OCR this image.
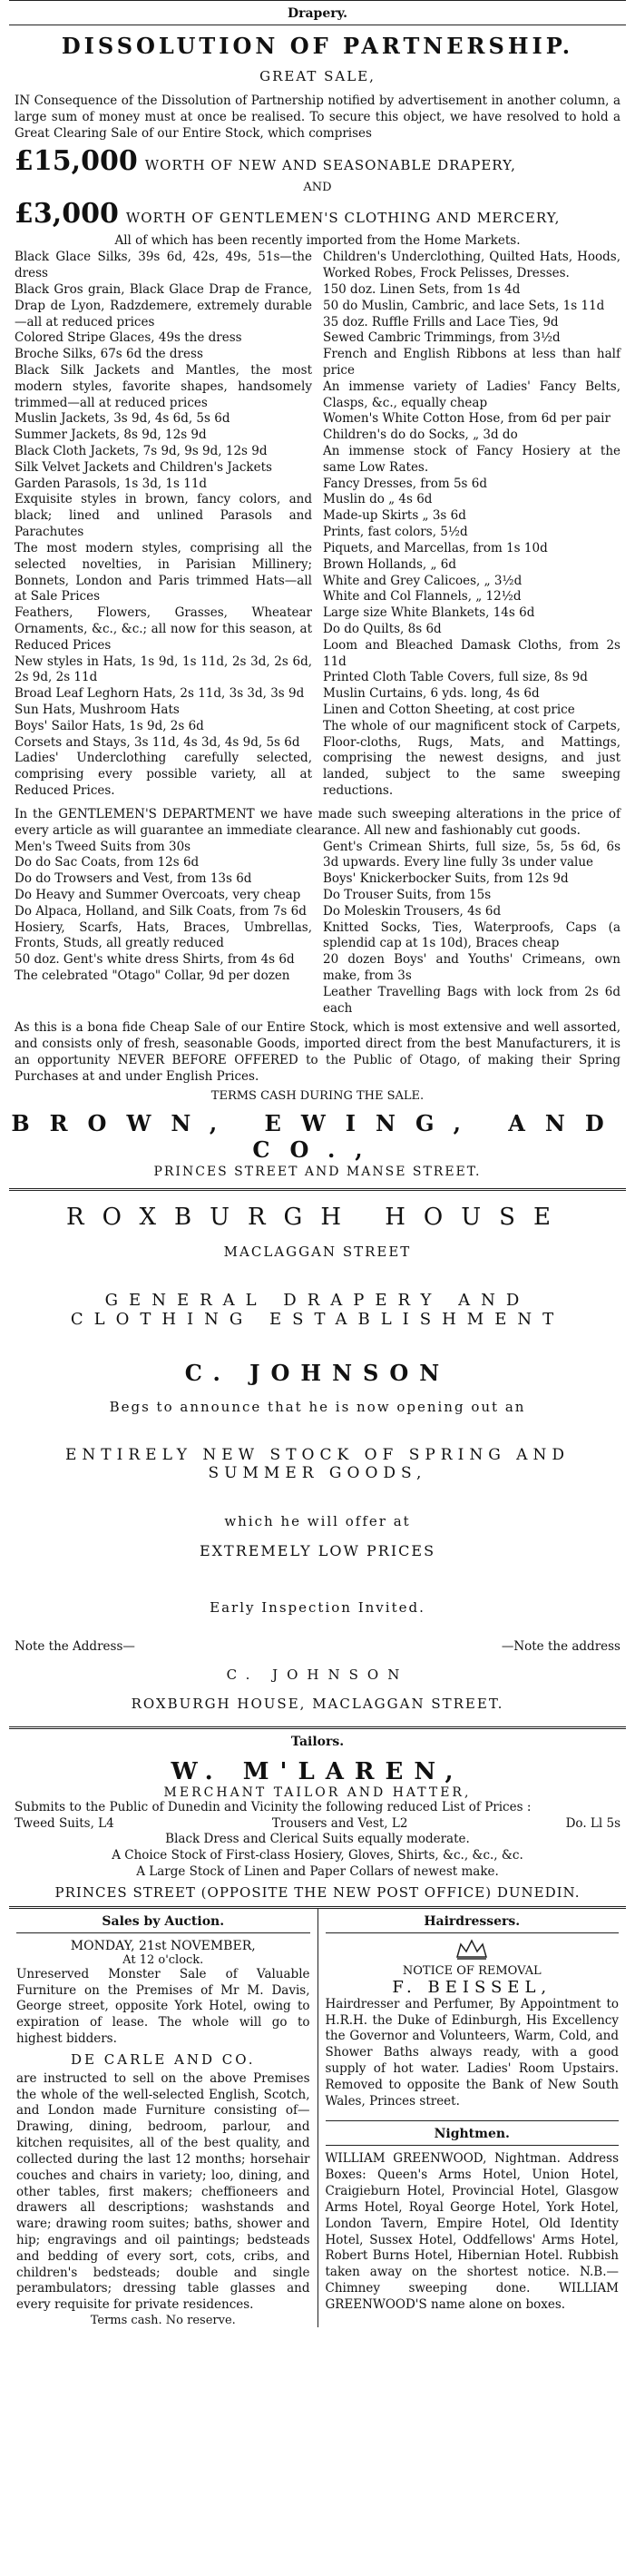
Drapery.
DISSOLUTION OF PARTNERSHIP.
GREAT SALE,
IN Consequence of the Dissolution of Partnership notified by advertisement in another column, a large sum of money must at once be realised. To secure this object, we have resolved to hold a Great Clearing Sale of our Entire Stock, which comprises
£15,000 WORTH OF NEW AND SEASONABLE DRAPERY,
AND
£3,000 WORTH OF GENTLEMEN'S CLOTHING AND MERCERY,
All of which has been recently imported from the Home Markets.

Black Glace Silks, 39s 6d, 42s, 49s, 51s—the dress

Black Gros grain, Black Glace Drap de France, Drap de Lyon, Radzdemere, extremely durable—all at reduced prices

Colored Stripe Glaces, 49s the dress

Broche Silks, 67s 6d the dress

Black Silk Jackets and Mantles, the most modern styles, favorite shapes, handsomely trimmed—all at reduced prices

Muslin Jackets, 3s 9d, 4s 6d, 5s 6d

Summer Jackets, 8s 9d, 12s 9d

Black Cloth Jackets, 7s 9d, 9s 9d, 12s 9d

Silk Velvet Jackets and Children's Jackets

Garden Parasols, 1s 3d, 1s 11d

Exquisite styles in brown, fancy colors, and black; lined and unlined Parasols and Parachutes

The most modern styles, comprising all the selected novelties, in Parisian Millinery; Bonnets, London and Paris trimmed Hats—all at Sale Prices

Feathers, Flowers, Grasses, Wheatear Ornaments, &c., &c.; all now for this season, at Reduced Prices

New styles in Hats, 1s 9d, 1s 11d, 2s 3d, 2s 6d, 2s 9d, 2s 11d

Broad Leaf Leghorn Hats, 2s 11d, 3s 3d, 3s 9d

Sun Hats, Mushroom Hats

Boys' Sailor Hats, 1s 9d, 2s 6d

Corsets and Stays, 3s 11d, 4s 3d, 4s 9d, 5s 6d

Ladies' Underclothing carefully selected, comprising every possible variety, all at Reduced Prices.

Children's Underclothing, Quilted Hats, Hoods, Worked Robes, Frock Pelisses, Dresses.

150 doz. Linen Sets, from 1s 4d

50 do Muslin, Cambric, and lace Sets, 1s 11d

35 doz. Ruffle Frills and Lace Ties, 9d

Sewed Cambric Trimmings, from 3½d

French and English Ribbons at less than half price

An immense variety of Ladies' Fancy Belts, Clasps, &c., equally cheap

Women's White Cotton Hose, from 6d per pair

Children's do do Socks, „ 3d do

An immense stock of Fancy Hosiery at the same Low Rates.

Fancy Dresses, from 5s 6d

Muslin do „ 4s 6d

Made-up Skirts „ 3s 6d

Prints, fast colors, 5½d

Piquets, and Marcellas, from 1s 10d

Brown Hollands, „ 6d

White and Grey Calicoes, „ 3½d

White and Col Flannels, „ 12½d

Large size White Blankets, 14s 6d

Do do Quilts, 8s 6d

Loom and Bleached Damask Cloths, from 2s 11d

Printed Cloth Table Covers, full size, 8s 9d

Muslin Curtains, 6 yds. long, 4s 6d

Linen and Cotton Sheeting, at cost price

The whole of our magnificent stock of Carpets, Floor-cloths, Rugs, Mats, and Mattings, comprising the newest designs, and just landed, subject to the same sweeping reductions.

In the GENTLEMEN'S DEPARTMENT we have made such sweeping alterations in the price of every article as will guarantee an immediate clearance. All new and fashionably cut goods.

Men's Tweed Suits from 30s

Do do Sac Coats, from 12s 6d

Do do Trowsers and Vest, from 13s 6d

Do Heavy and Summer Overcoats, very cheap

Do Alpaca, Holland, and Silk Coats, from 7s 6d

Hosiery, Scarfs, Hats, Braces, Umbrellas, Fronts, Studs, all greatly reduced

50 doz. Gent's white dress Shirts, from 4s 6d

The celebrated "Otago" Collar, 9d per dozen

Gent's Crimean Shirts, full size, 5s, 5s 6d, 6s 3d upwards. Every line fully 3s under value

Boys' Knickerbocker Suits, from 12s 9d

Do Trouser Suits, from 15s

Do Moleskin Trousers, 4s 6d

Knitted Socks, Ties, Waterproofs, Caps (a splendid cap at 1s 10d), Braces cheap

20 dozen Boys' and Youths' Crimeans, own make, from 3s

Leather Travelling Bags with lock from 2s 6d each

As this is a bona fide Cheap Sale of our Entire Stock, which is most extensive and well assorted, and consists only of fresh, seasonable Goods, imported direct from the best Manufacturers, it is an opportunity NEVER BEFORE OFFERED to the Public of Otago, of making their Spring Purchases at and under English Prices.
TERMS CASH DURING THE SALE.
BROWN, EWING, AND CO.,
PRINCES STREET AND MANSE STREET.
ROXBURGH HOUSE
MACLAGGAN STREET
GENERAL DRAPERY AND CLOTHING ESTABLISHMENT
C. JOHNSON
Begs to announce that he is now opening out an
ENTIRELY NEW STOCK OF SPRING AND SUMMER GOODS,
which he will offer at
EXTREMELY LOW PRICES
Early Inspection Invited.
Note the Address—	—Note the address
C. JOHNSON
ROXBURGH HOUSE, MACLAGGAN STREET.
Tailors.
W. M'LAREN,
MERCHANT TAILOR AND HATTER,
Submits to the Public of Dunedin and Vicinity the following reduced List of Prices :
Tweed Suits, L4	Trousers and Vest, L2	Do. Ll 5s
Black Dress and Clerical Suits equally moderate.
A Choice Stock of First-class Hosiery, Gloves, Shirts, &c., &c., &c.
A Large Stock of Linen and Paper Collars of newest make.
PRINCES STREET (OPPOSITE THE NEW POST OFFICE) DUNEDIN.
Sales by Auction.
MONDAY, 21st NOVEMBER,
At 12 o'clock.
Unreserved Monster Sale of Valuable Furniture on the Premises of Mr M. Davis, George street, opposite York Hotel, owing to expiration of lease. The whole will go to highest bidders.
DE CARLE AND CO.
are instructed to sell on the above Premises the whole of the well-selected English, Scotch, and London made Furniture consisting of—Drawing, dining, bedroom, parlour, and kitchen requisites, all of the best quality, and collected during the last 12 months; horsehair couches and chairs in variety; loo, dining, and other tables, first makers; cheffioneers and drawers all descriptions; washstands and ware; drawing room suites; baths, shower and hip; engravings and oil paintings; bedsteads and bedding of every sort, cots, cribs, and children's bedsteads; double and single perambulators; dressing table glasses and every requisite for private residences.
Terms cash. No reserve.
Hairdressers.
NOTICE OF REMOVAL
F. BEISSEL,
Hairdresser and Perfumer, By Appointment to H.R.H. the Duke of Edinburgh, His Excellency the Governor and Volunteers, Warm, Cold, and Shower Baths always ready, with a good supply of hot water. Ladies' Room Upstairs. Removed to opposite the Bank of New South Wales, Princes street.
Nightmen.
WILLIAM GREENWOOD, Nightman. Address Boxes: Queen's Arms Hotel, Union Hotel, Craigieburn Hotel, Provincial Hotel, Glasgow Arms Hotel, Royal George Hotel, York Hotel, London Tavern, Empire Hotel, Old Identity Hotel, Sussex Hotel, Oddfellows' Arms Hotel, Robert Burns Hotel, Hibernian Hotel. Rubbish taken away on the shortest notice. N.B.—Chimney sweeping done. WILLIAM GREENWOOD'S name alone on boxes.
